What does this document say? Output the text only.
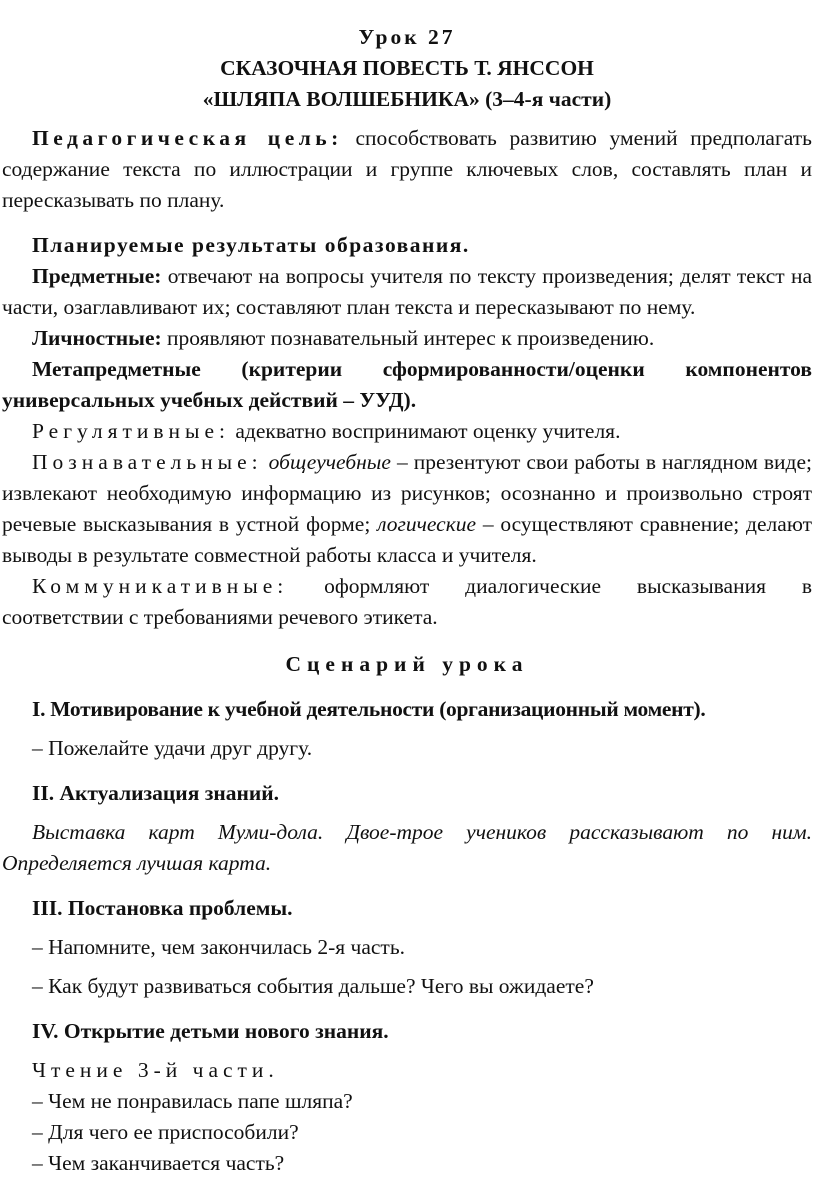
Урок 27

СКАЗОЧНАЯ ПОВЕСТЬ Т. ЯНССОН

«ШЛЯПА ВОЛШЕБНИКА» (3–4-я части)

Педагогическая цель: способствовать развитию умений предполагать содержание текста по иллюстрации и группе ключевых слов, составлять план и пересказывать по плану.

Планируемые результаты образования.

Предметные: отвечают на вопросы учителя по тексту произведения; делят текст на части, озаглавливают их; составляют план текста и пересказывают по нему.

Личностные: проявляют познавательный интерес к произведению.

Метапредметные (критерии сформированности/оценки компонентов универсальных учебных действий – УУД).

Регулятивные: адекватно воспринимают оценку учителя.

Познавательные: общеучебные – презентуют свои работы в наглядном виде; извлекают необходимую информацию из рисунков; осознанно и произвольно строят речевые высказывания в устной форме; логические – осуществляют сравнение; делают выводы в результате совместной работы класса и учителя.

Коммуникативные: оформляют диалогические высказывания в соответствии с требованиями речевого этикета.

Сценарий урока

I. Мотивирование к учебной деятельности (организационный момент).

– Пожелайте удачи друг другу.

II. Актуализация знаний.

Выставка карт Муми-дола. Двое-трое учеников рассказывают по ним. Определяется лучшая карта.

III. Постановка проблемы.

– Напомните, чем закончилась 2-я часть.

– Как будут развиваться события дальше? Чего вы ожидаете?

IV. Открытие детьми нового знания.

Чтение 3-й части.

– Чем не понравилась папе шляпа?

– Для чего ее приспособили?

– Чем заканчивается часть?
